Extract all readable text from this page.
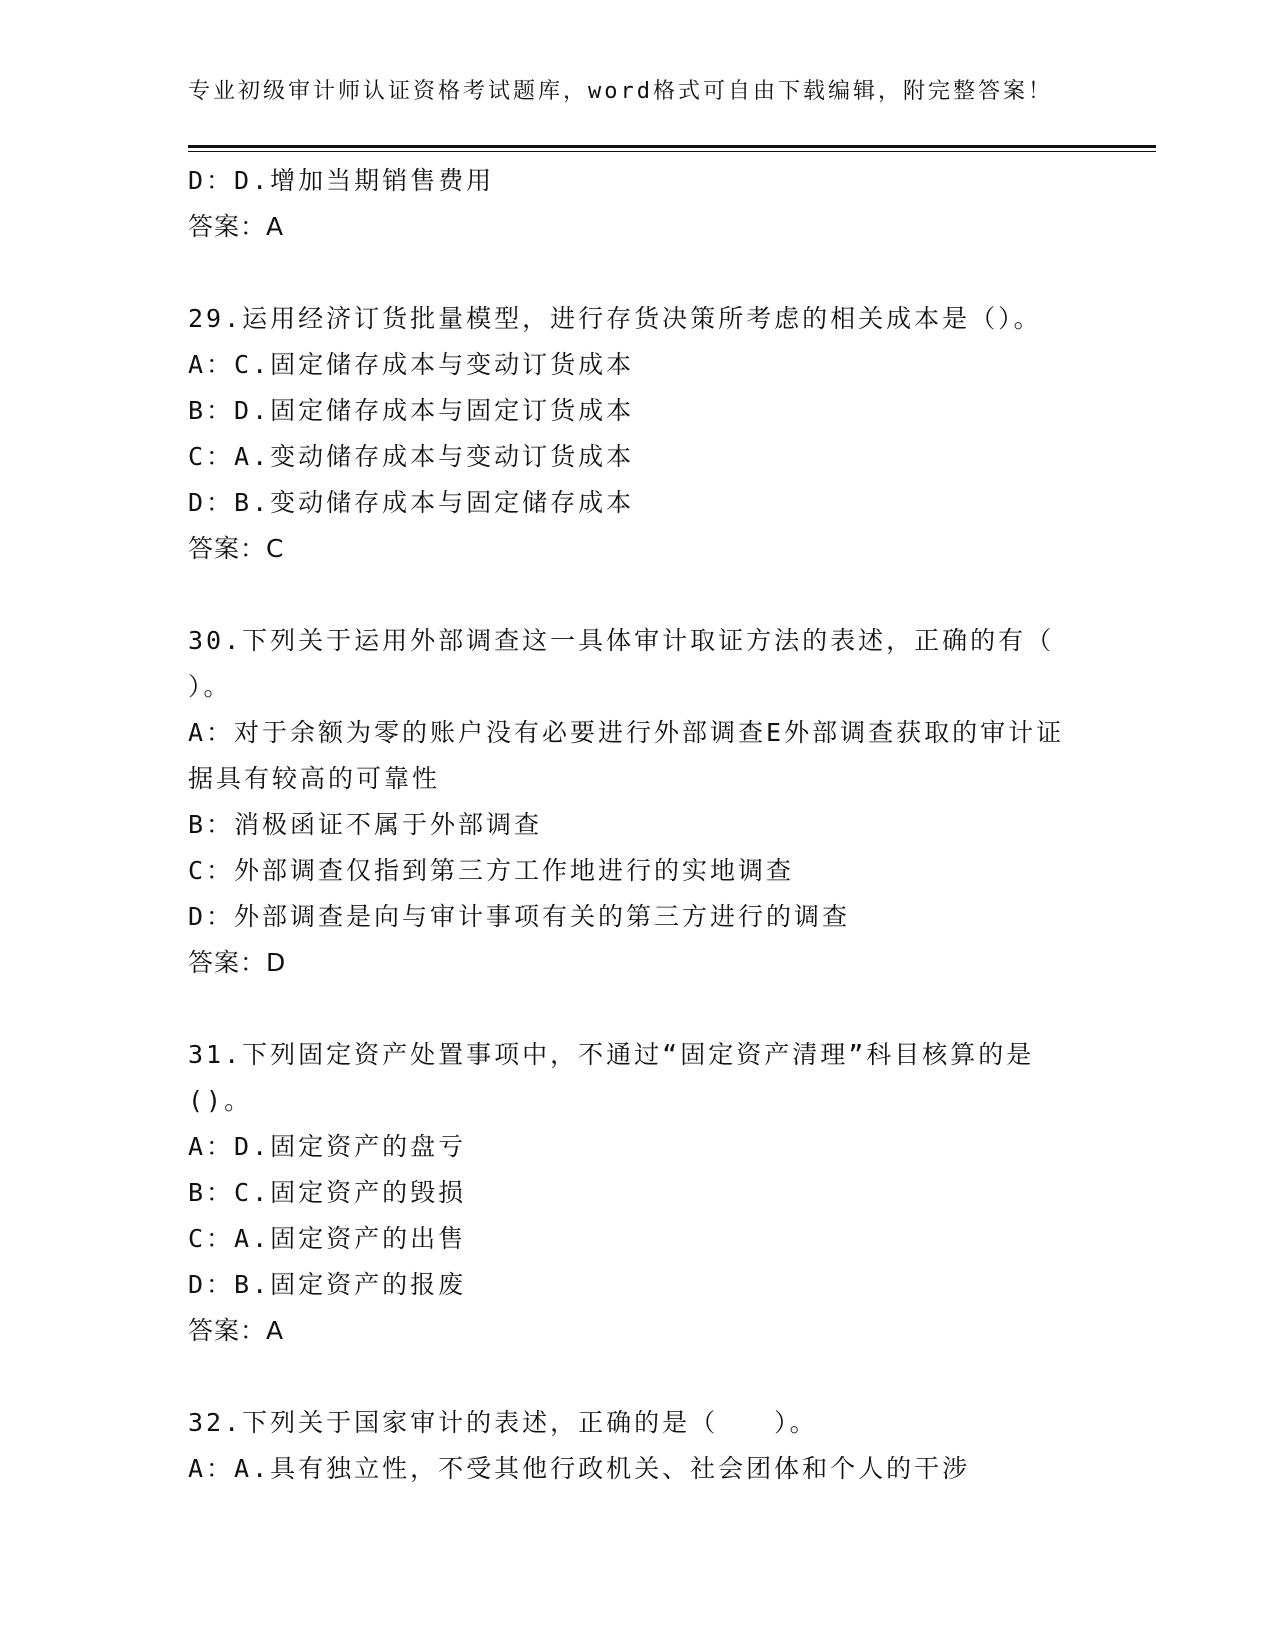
专业初级审计师认证资格考试题库，word格式可自由下载编辑，附完整答案！
D：D.增加当期销售费用
答案：A
29.运用经济订货批量模型，进行存货决策所考虑的相关成本是（）。
A：C.固定储存成本与变动订货成本
B：D.固定储存成本与固定订货成本
C：A.变动储存成本与变动订货成本
D：B.变动储存成本与固定储存成本
答案：C
30.下列关于运用外部调查这一具体审计取证方法的表述，正确的有（　　）。
A：对于余额为零的账户没有必要进行外部调查E外部调查获取的审计证据具有较高的可靠性
B：消极函证不属于外部调查
C：外部调查仅指到第三方工作地进行的实地调查
D：外部调查是向与审计事项有关的第三方进行的调查
答案：D
31.下列固定资产处置事项中，不通过“固定资产清理”科目核算的是()。
A：D.固定资产的盘亏
B：C.固定资产的毁损
C：A.固定资产的出售
D：B.固定资产的报废
答案：A
32.下列关于国家审计的表述，正确的是（　　）。
A：A.具有独立性，不受其他行政机关、社会团体和个人的干涉
